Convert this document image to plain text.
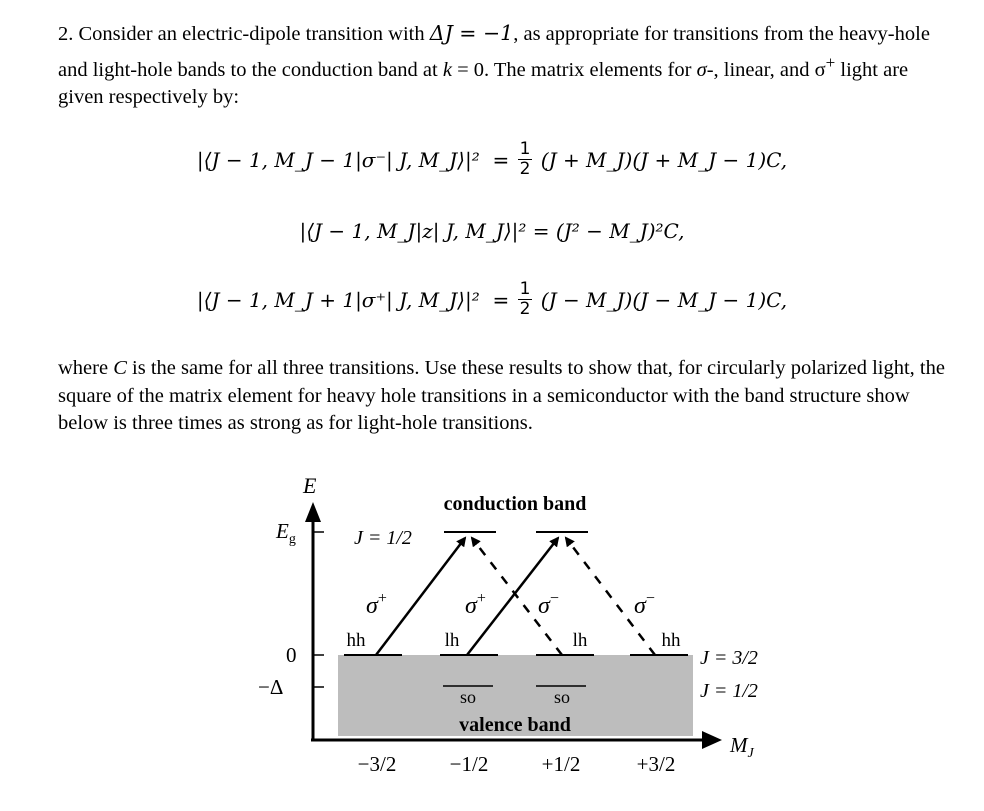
2. Consider an electric-dipole transition with ΔJ = −1, as appropriate for transitions from the heavy-hole and light-hole bands to the conduction band at k = 0. The matrix elements for σ-, linear, and σ+ light are given respectively by:

|⟨J − 1, M_J − 1|σ⁻| J, M_J⟩|²  = $\frac{1}{2} (J$ + M_J)(J + M_J − 1)C,
|⟨J − 1, M_J|z| J, M_J⟩|² = (J² − M_J)²C,
|⟨J − 1, M_J + 1|σ⁺| J, M_J⟩|²  = $\frac{1}{2} (J$ − M_J)(J − M_J − 1)C,

where C is the same for all three transitions. Use these results to show that, for circularly polarized light, the square of the matrix element for heavy hole transitions in a semiconductor with the band structure show below is three times as strong as for light-hole transitions.

E
$M_J$
$E_g$
0
−Δ
−3/2	−1/2	+1/2	+3/2
conduction band
J = 1/2
so	so
hh	lh	lh	hh
valence band
J = 3/2
J = 1/2
σ+	σ+ σ−	σ−
